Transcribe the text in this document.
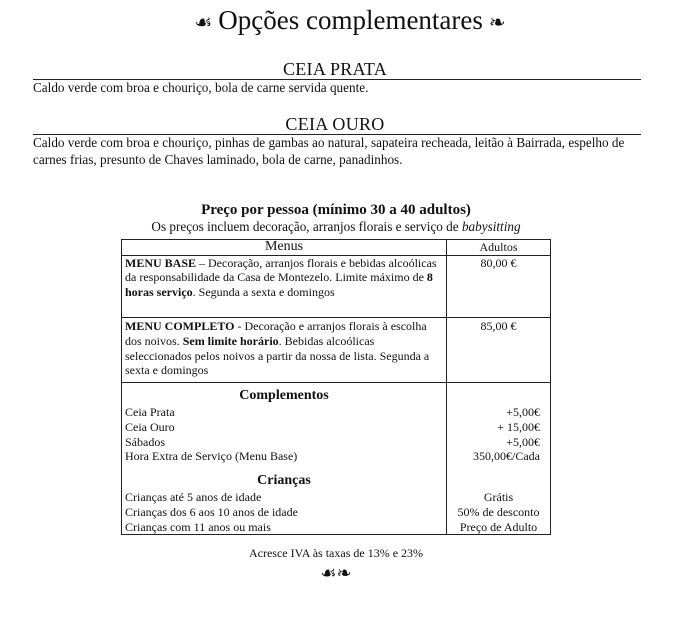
☙ Opções complementares ❧
CEIA PRATA
Caldo verde com broa e chouriço, bola de carne servida quente.
CEIA OURO
Caldo verde com broa e chouriço, pinhas de gambas ao natural, sapateira recheada, leitão à Bairrada, espelho de carnes frias, presunto de Chaves laminado, bola de carne, panadinhos.
Preço por pessoa (mínimo 30 a 40 adultos)
Os preços incluem decoração, arranjos florais e serviço de babysitting
Menus	Adultos
MENU BASE – Decoração, arranjos florais e bebidas alcoólicas da responsabilidade da Casa de Montezelo. Limite máximo de 8 horas serviço. Segunda a sexta e domingos	80,00 €
MENU COMPLETO - Decoração e arranjos florais à escolha dos noivos. Sem limite horário. Bebidas alcoólicas seleccionados pelos noivos a partir da nossa de lista. Segunda a sexta e domingos	85,00 €
Complementos	
Ceia Prata	+5,00€
Ceia Ouro	+ 15,00€
Sábados	+5,00€
Hora Extra de Serviço (Menu Base)	350,00€/Cada
Crianças	
Crianças até 5 anos de idade	Grátis
Crianças dos 6 aos 10 anos de idade	50% de desconto
Crianças com 11 anos ou mais	Preço de Adulto
Acresce IVA às taxas de 13% e 23%
☙❧
